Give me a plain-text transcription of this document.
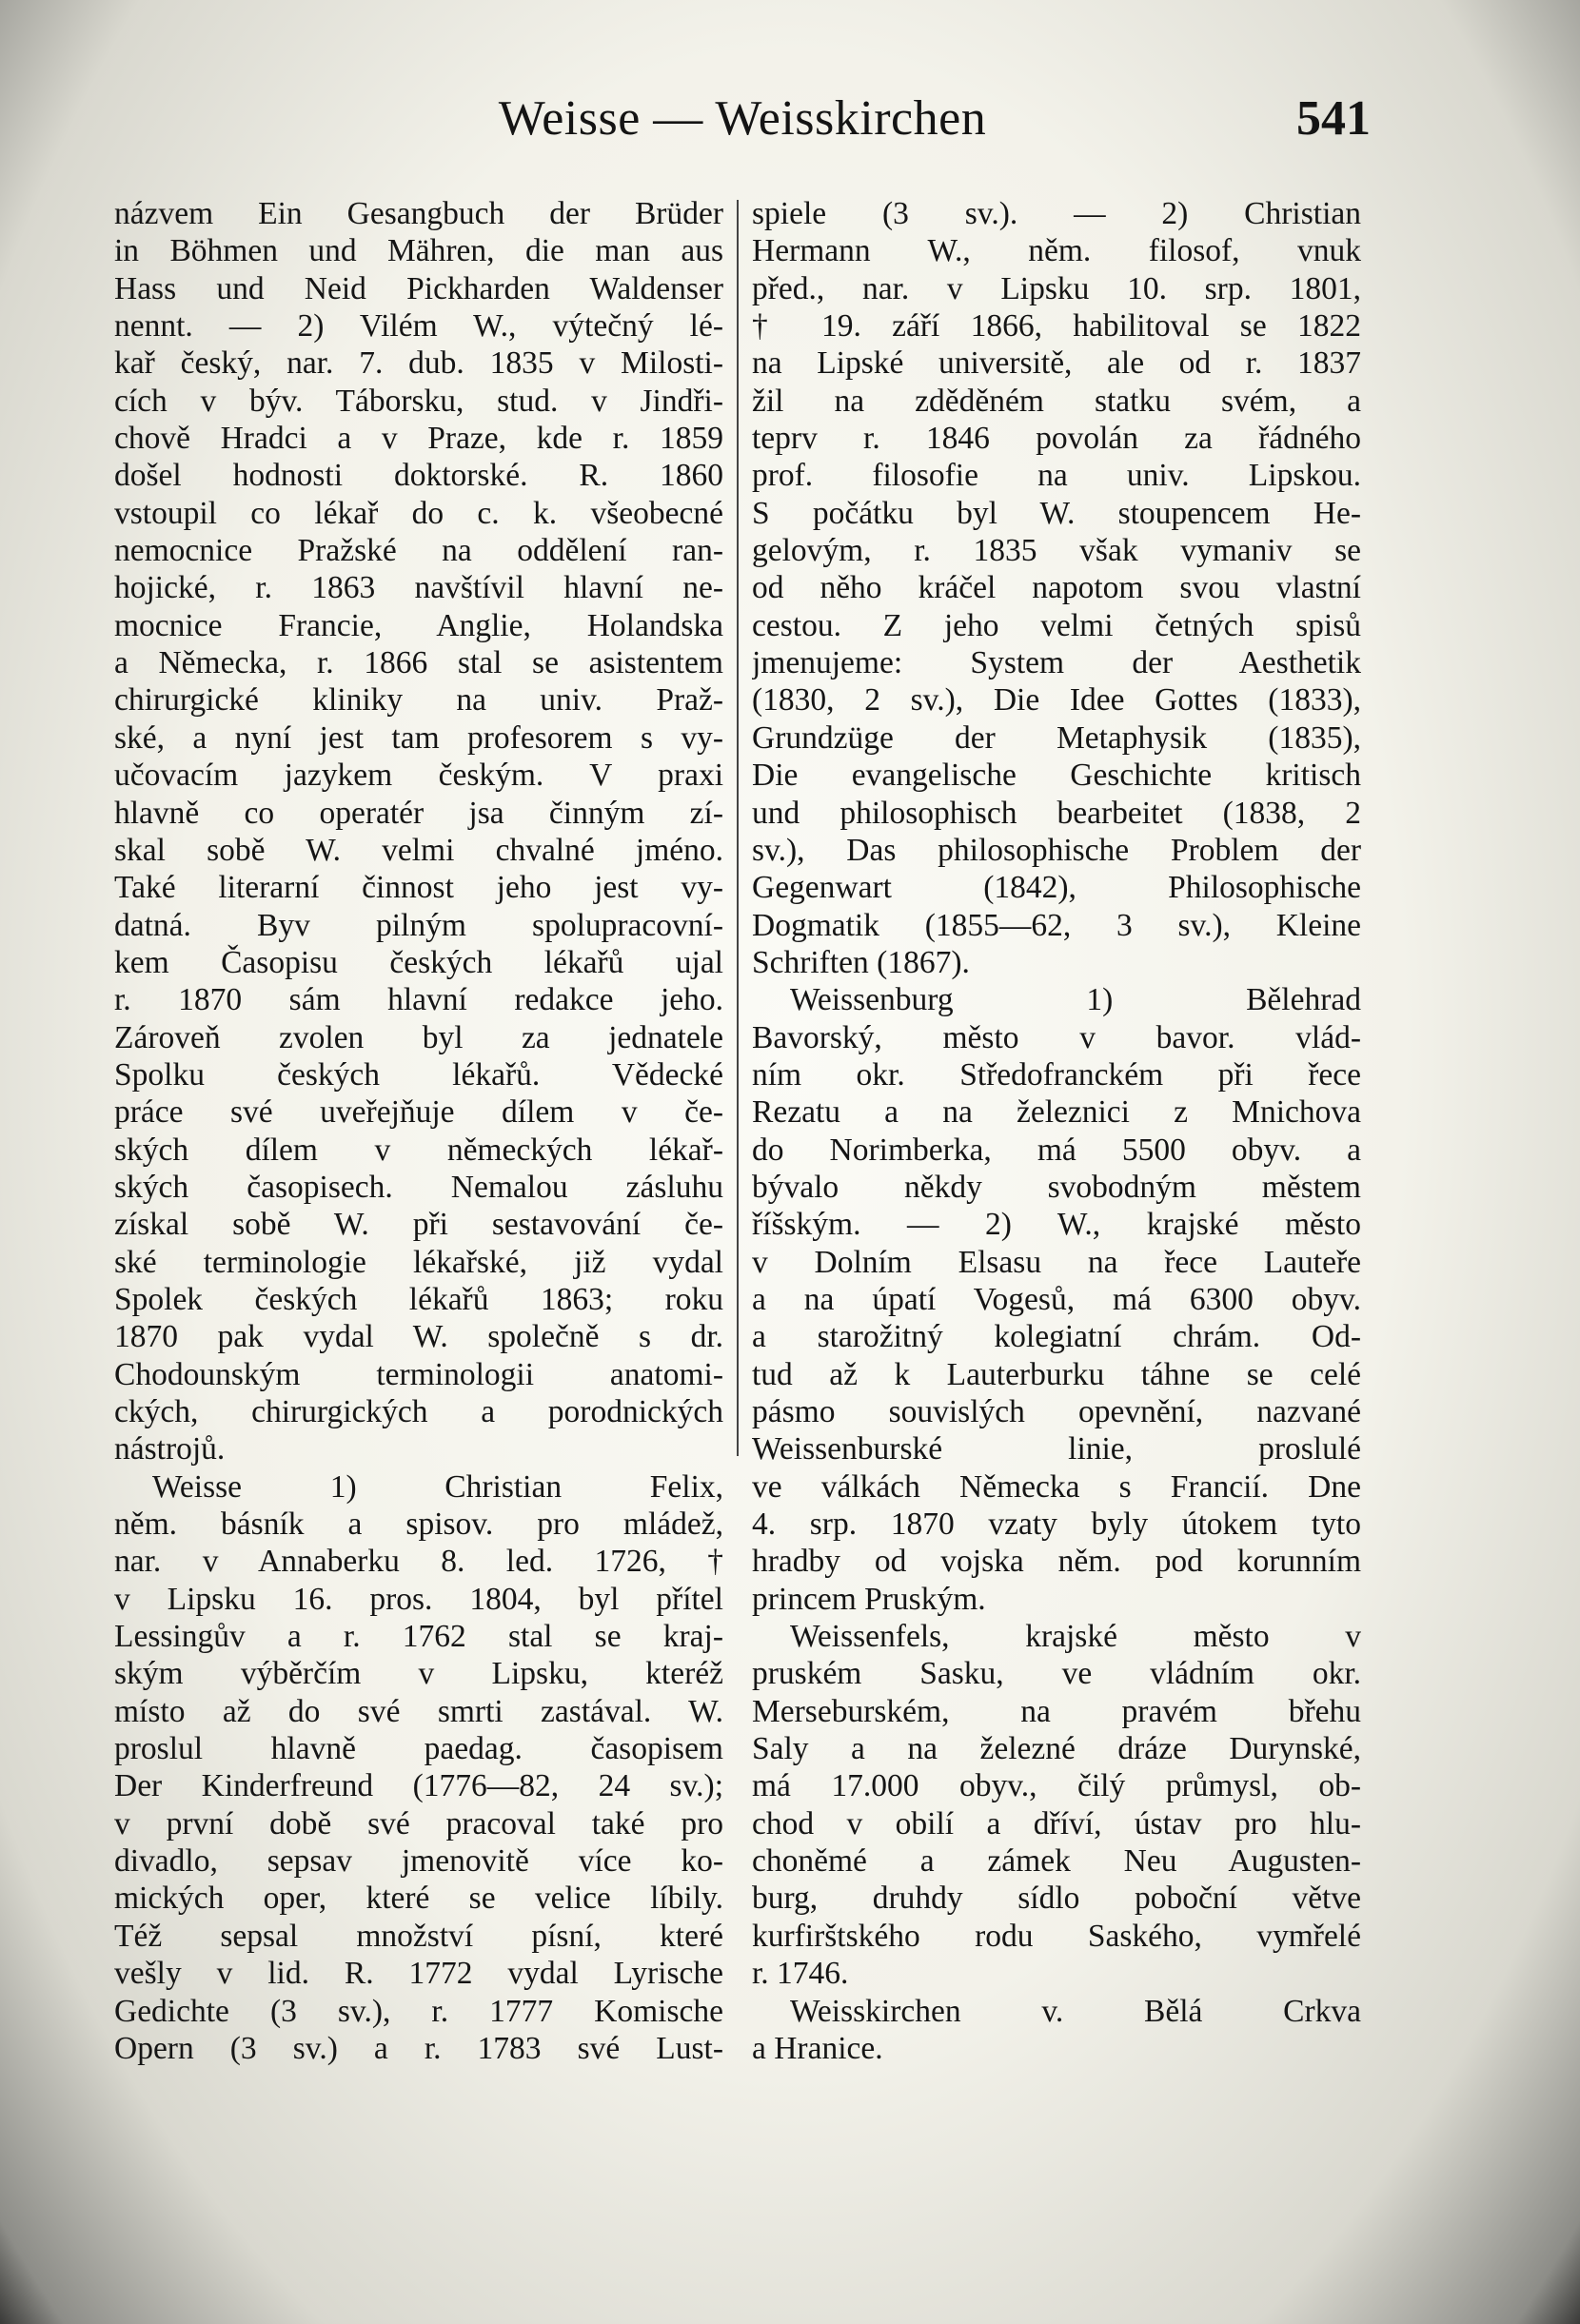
Weisse — Weisskirchen	541
názvem Ein Gesangbuch der Brüder
in Böhmen und Mähren, die man aus
Hass und Neid Pickharden Waldenser
nennt. — 2) Vilém W., výtečný lé-
kař český, nar. 7. dub. 1835 v Milosti-
cích v býv. Táborsku, stud. v Jindři-
chově Hradci a v Praze, kde r. 1859
došel hodnosti doktorské. R. 1860
vstoupil co lékař do c. k. všeobecné
nemocnice Pražské na oddělení ran-
hojické, r. 1863 navštívil hlavní ne-
mocnice Francie, Anglie, Holandska
a Německa, r. 1866 stal se asistentem
chirurgické kliniky na univ. Praž-
ské, a nyní jest tam profesorem s vy-
učovacím jazykem českým. V praxi
hlavně co operatér jsa činným zí-
skal sobě W. velmi chvalné jméno.
Také literarní činnost jeho jest vy-
datná. Byv pilným spolupracovní-
kem Časopisu českých lékařů ujal
r. 1870 sám hlavní redakce jeho.
Zároveň zvolen byl za jednatele
Spolku českých lékařů. Vědecké
práce své uveřejňuje dílem v če-
ských dílem v německých lékař-
ských časopisech. Nemalou zásluhu
získal sobě W. při sestavování če-
ské terminologie lékařské, již vydal
Spolek českých lékařů 1863; roku
1870 pak vydal W. společně s dr.
Chodounským terminologii anatomi-
ckých, chirurgických a porodnických
nástrojů.
Weisse 1) Christian Felix,
něm. básník a spisov. pro mládež,
nar. v Annaberku 8. led. 1726, †
v Lipsku 16. pros. 1804, byl přítel
Lessingův a r. 1762 stal se kraj-
ským výběrčím v Lipsku, kteréž
místo až do své smrti zastával. W.
proslul hlavně paedag. časopisem
Der Kinderfreund (1776—82, 24 sv.);
v první době své pracoval také pro
divadlo, sepsav jmenovitě více ko-
mických oper, které se velice líbily.
Též sepsal množství písní, které
vešly v lid. R. 1772 vydal Lyrische
Gedichte (3 sv.), r. 1777 Komische
Opern (3 sv.) a r. 1783 své Lust-
spiele (3 sv.). — 2) Christian
Hermann W., něm. filosof, vnuk
před., nar. v Lipsku 10. srp. 1801,
† 19. září 1866, habilitoval se 1822
na Lipské universitě, ale od r. 1837
žil na zděděném statku svém, a
teprv r. 1846 povolán za řádného
prof. filosofie na univ. Lipskou.
S počátku byl W. stoupencem He-
gelovým, r. 1835 však vymaniv se
od něho kráčel napotom svou vlastní
cestou. Z jeho velmi četných spisů
jmenujeme: System der Aesthetik
(1830, 2 sv.), Die Idee Gottes (1833),
Grundzüge der Metaphysik (1835),
Die evangelische Geschichte kritisch
und philosophisch bearbeitet (1838, 2
sv.), Das philosophische Problem der
Gegenwart (1842), Philosophische
Dogmatik (1855—62, 3 sv.), Kleine
Schriften (1867).
Weissenburg 1) Bělehrad
Bavorský, město v bavor. vlád-
ním okr. Středofranckém při řece
Rezatu a na železnici z Mnichova
do Norimberka, má 5500 obyv. a
bývalo někdy svobodným městem
říšským. — 2) W., krajské město
v Dolním Elsasu na řece Lauteře
a na úpatí Vogesů, má 6300 obyv.
a starožitný kolegiatní chrám. Od-
tud až k Lauterburku táhne se celé
pásmo souvislých opevnění, nazvané
Weissenburské linie, proslulé
ve válkách Německa s Francií. Dne
4. srp. 1870 vzaty byly útokem tyto
hradby od vojska něm. pod korunním
princem Pruským.
Weissenfels, krajské město v
pruském Sasku, ve vládním okr.
Merseburském, na pravém břehu
Saly a na železné dráze Durynské,
má 17.000 obyv., čilý průmysl, ob-
chod v obilí a dříví, ústav pro hlu-
choněmé a zámek Neu Augusten-
burg, druhdy sídlo poboční větve
kurfirštského rodu Saského, vymřelé
r. 1746.
Weisskirchen v. Bělá Crkva
a Hranice.
